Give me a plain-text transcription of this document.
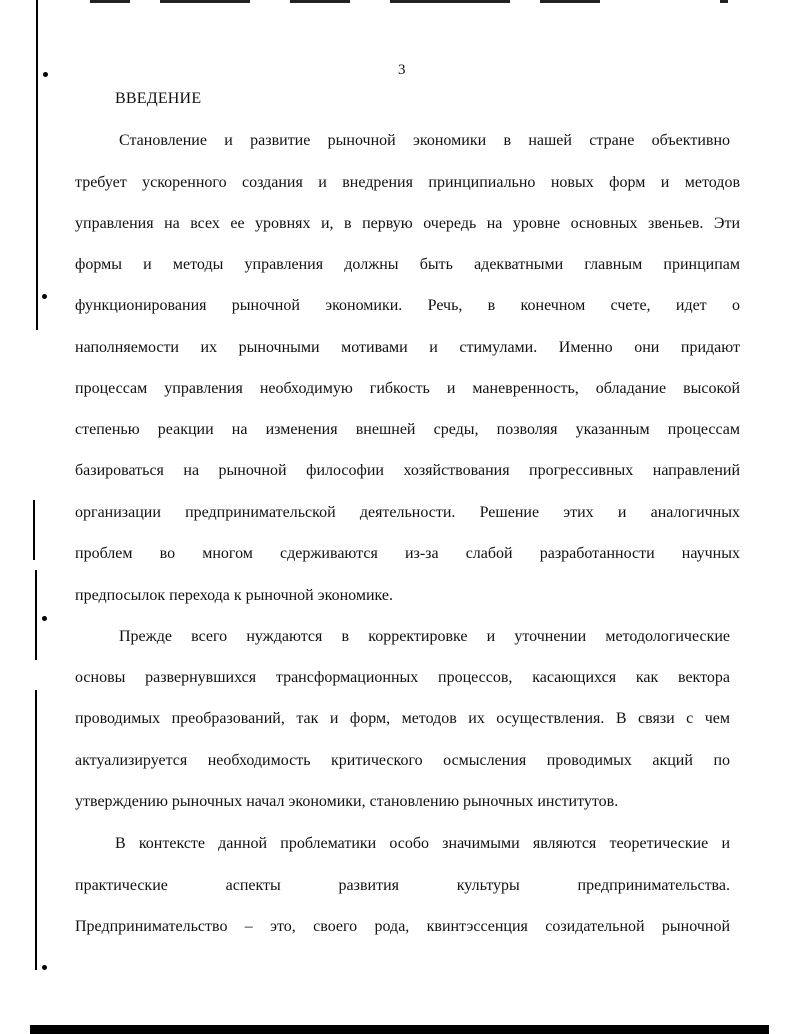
3
ВВЕДЕНИЕ
Становление и развитие рыночной экономики в нашей стране объективно
требует ускоренного создания и внедрения принципиально новых форм и методов
управления на всех ее уровнях и, в первую очередь на уровне основных звеньев. Эти
формы и методы управления должны быть адекватными главным принципам
функционирования рыночной экономики. Речь, в конечном счете, идет о
наполняемости их рыночными мотивами и стимулами. Именно они придают
процессам управления необходимую гибкость и маневренность, обладание высокой
степенью реакции на изменения внешней среды, позволяя указанным процессам
базироваться на рыночной философии хозяйствования прогрессивных направлений
организации предпринимательской деятельности. Решение этих и аналогичных
проблем во многом сдерживаются из-за слабой разработанности научных
предпосылок перехода к рыночной экономике.
Прежде всего нуждаются в корректировке и уточнении методологические
основы развернувшихся трансформационных процессов, касающихся как вектора
проводимых преобразований, так и форм, методов их осуществления. В связи с чем
актуализируется необходимость критического осмысления проводимых акций по
утверждению рыночных начал экономики, становлению рыночных институтов.
В контексте данной проблематики особо значимыми являются теоретические и
практические аспекты развития культуры предпринимательства.
Предпринимательство – это, своего рода, квинтэссенция созидательной рыночной
